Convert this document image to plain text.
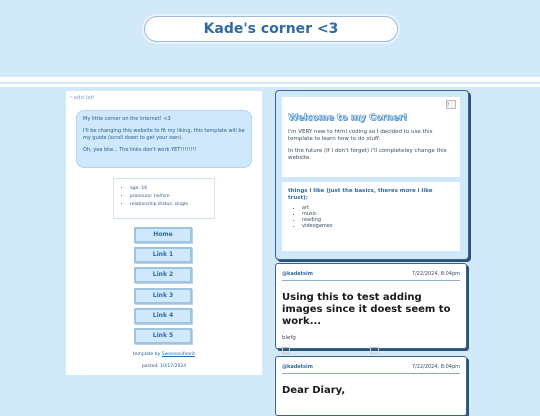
Kade's corner <3
~add lat⁄

My little corner on the internet! <3

I'll be changing this website to fit my liking, this template will be my guide (scroll down to get your own).

Oh, yea btw... The links don't work YET!!!!!!!!

• age: 16
• pronouns: he/him
• relationship status: single
Home
Link 1
Link 2
Link 3
Link 4
Link 5
template by Sweesonifeerit
posted: 10/17/2024
?
Welcome to my Corner!

I'm VERY new to html coding so I decided to use this template to learn how to do stuff.

In the future (If I don't forget) I'll completeley change this website.

things i like (just the basics, theres more i like trust):
• art
• music
• reading
• videogames
@kadetsim	7/22/2024, 8:04pm
Using this to test adding images since it doest seem to work...
blefg
?	?
@kadetsim	7/22/2024, 8:04pm
Dear Diary,
